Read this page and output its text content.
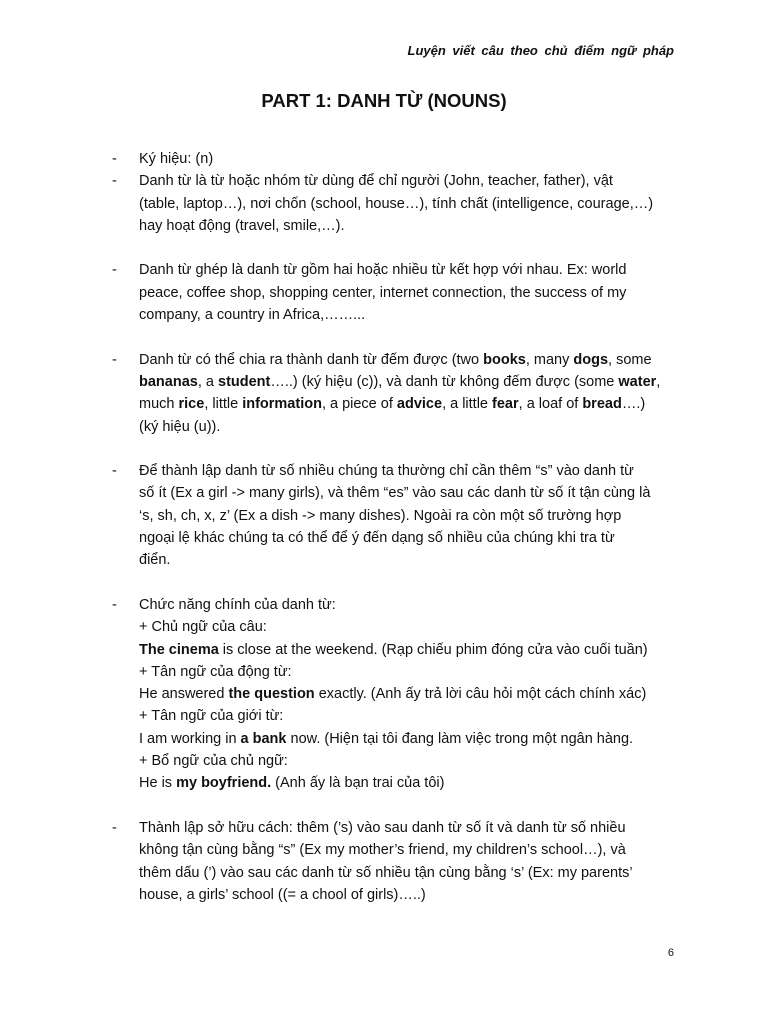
Luyện viết câu theo chủ điểm ngữ pháp
PART 1: DANH TỪ (NOUNS)
- Ký hiệu: (n)
- Danh từ là từ hoặc nhóm từ dùng để chỉ người (John, teacher, father), vật
(table, laptop…), nơi chốn (school, house…), tính chất (intelligence, courage,…)
hay hoạt động (travel, smile,…).
- Danh từ ghép là danh từ gồm hai hoặc nhiều từ kết hợp với nhau. Ex: world
peace, coffee shop, shopping center, internet connection, the success of my
company, a country in Africa,……...
- Danh từ có thể chia ra thành danh từ đếm được (two books, many dogs, some
bananas, a student…..) (ký hiệu (c)), và danh từ không đếm được (some water,
much rice, little information, a piece of advice, a little fear, a loaf of bread….)
(ký hiệu (u)).
- Để thành lập danh từ số nhiều chúng ta thường chỉ cần thêm “s” vào danh từ
số ít (Ex a girl -> many girls), và thêm “es” vào sau các danh từ số ít tận cùng là
‘s, sh, ch, x, z’ (Ex a dish -> many dishes). Ngoài ra còn một số trường hợp
ngoại lệ khác chúng ta có thể để ý đến dạng số nhiều của chúng khi tra từ
điển.
- Chức năng chính của danh từ:
+ Chủ ngữ của câu:
The cinema is close at the weekend. (Rạp chiếu phim đóng cửa vào cuối tuần)
+ Tân ngữ của động từ:
He answered the question exactly. (Anh ấy trả lời câu hỏi một cách chính xác)
+ Tân ngữ của giới từ:
I am working in a bank now. (Hiện tại tôi đang làm việc trong một ngân hàng.
+ Bổ ngữ của chủ ngữ:
He is my boyfriend. (Anh ấy là bạn trai của tôi)
- Thành lập sở hữu cách: thêm (’s) vào sau danh từ số ít và danh từ số nhiều
không tận cùng bằng “s” (Ex my mother’s friend, my children’s school…), và
thêm dấu (’) vào sau các danh từ số nhiều tận cùng bằng ‘s’ (Ex: my parents’
house, a girls’ school ((= a chool of girls)…..)
6
